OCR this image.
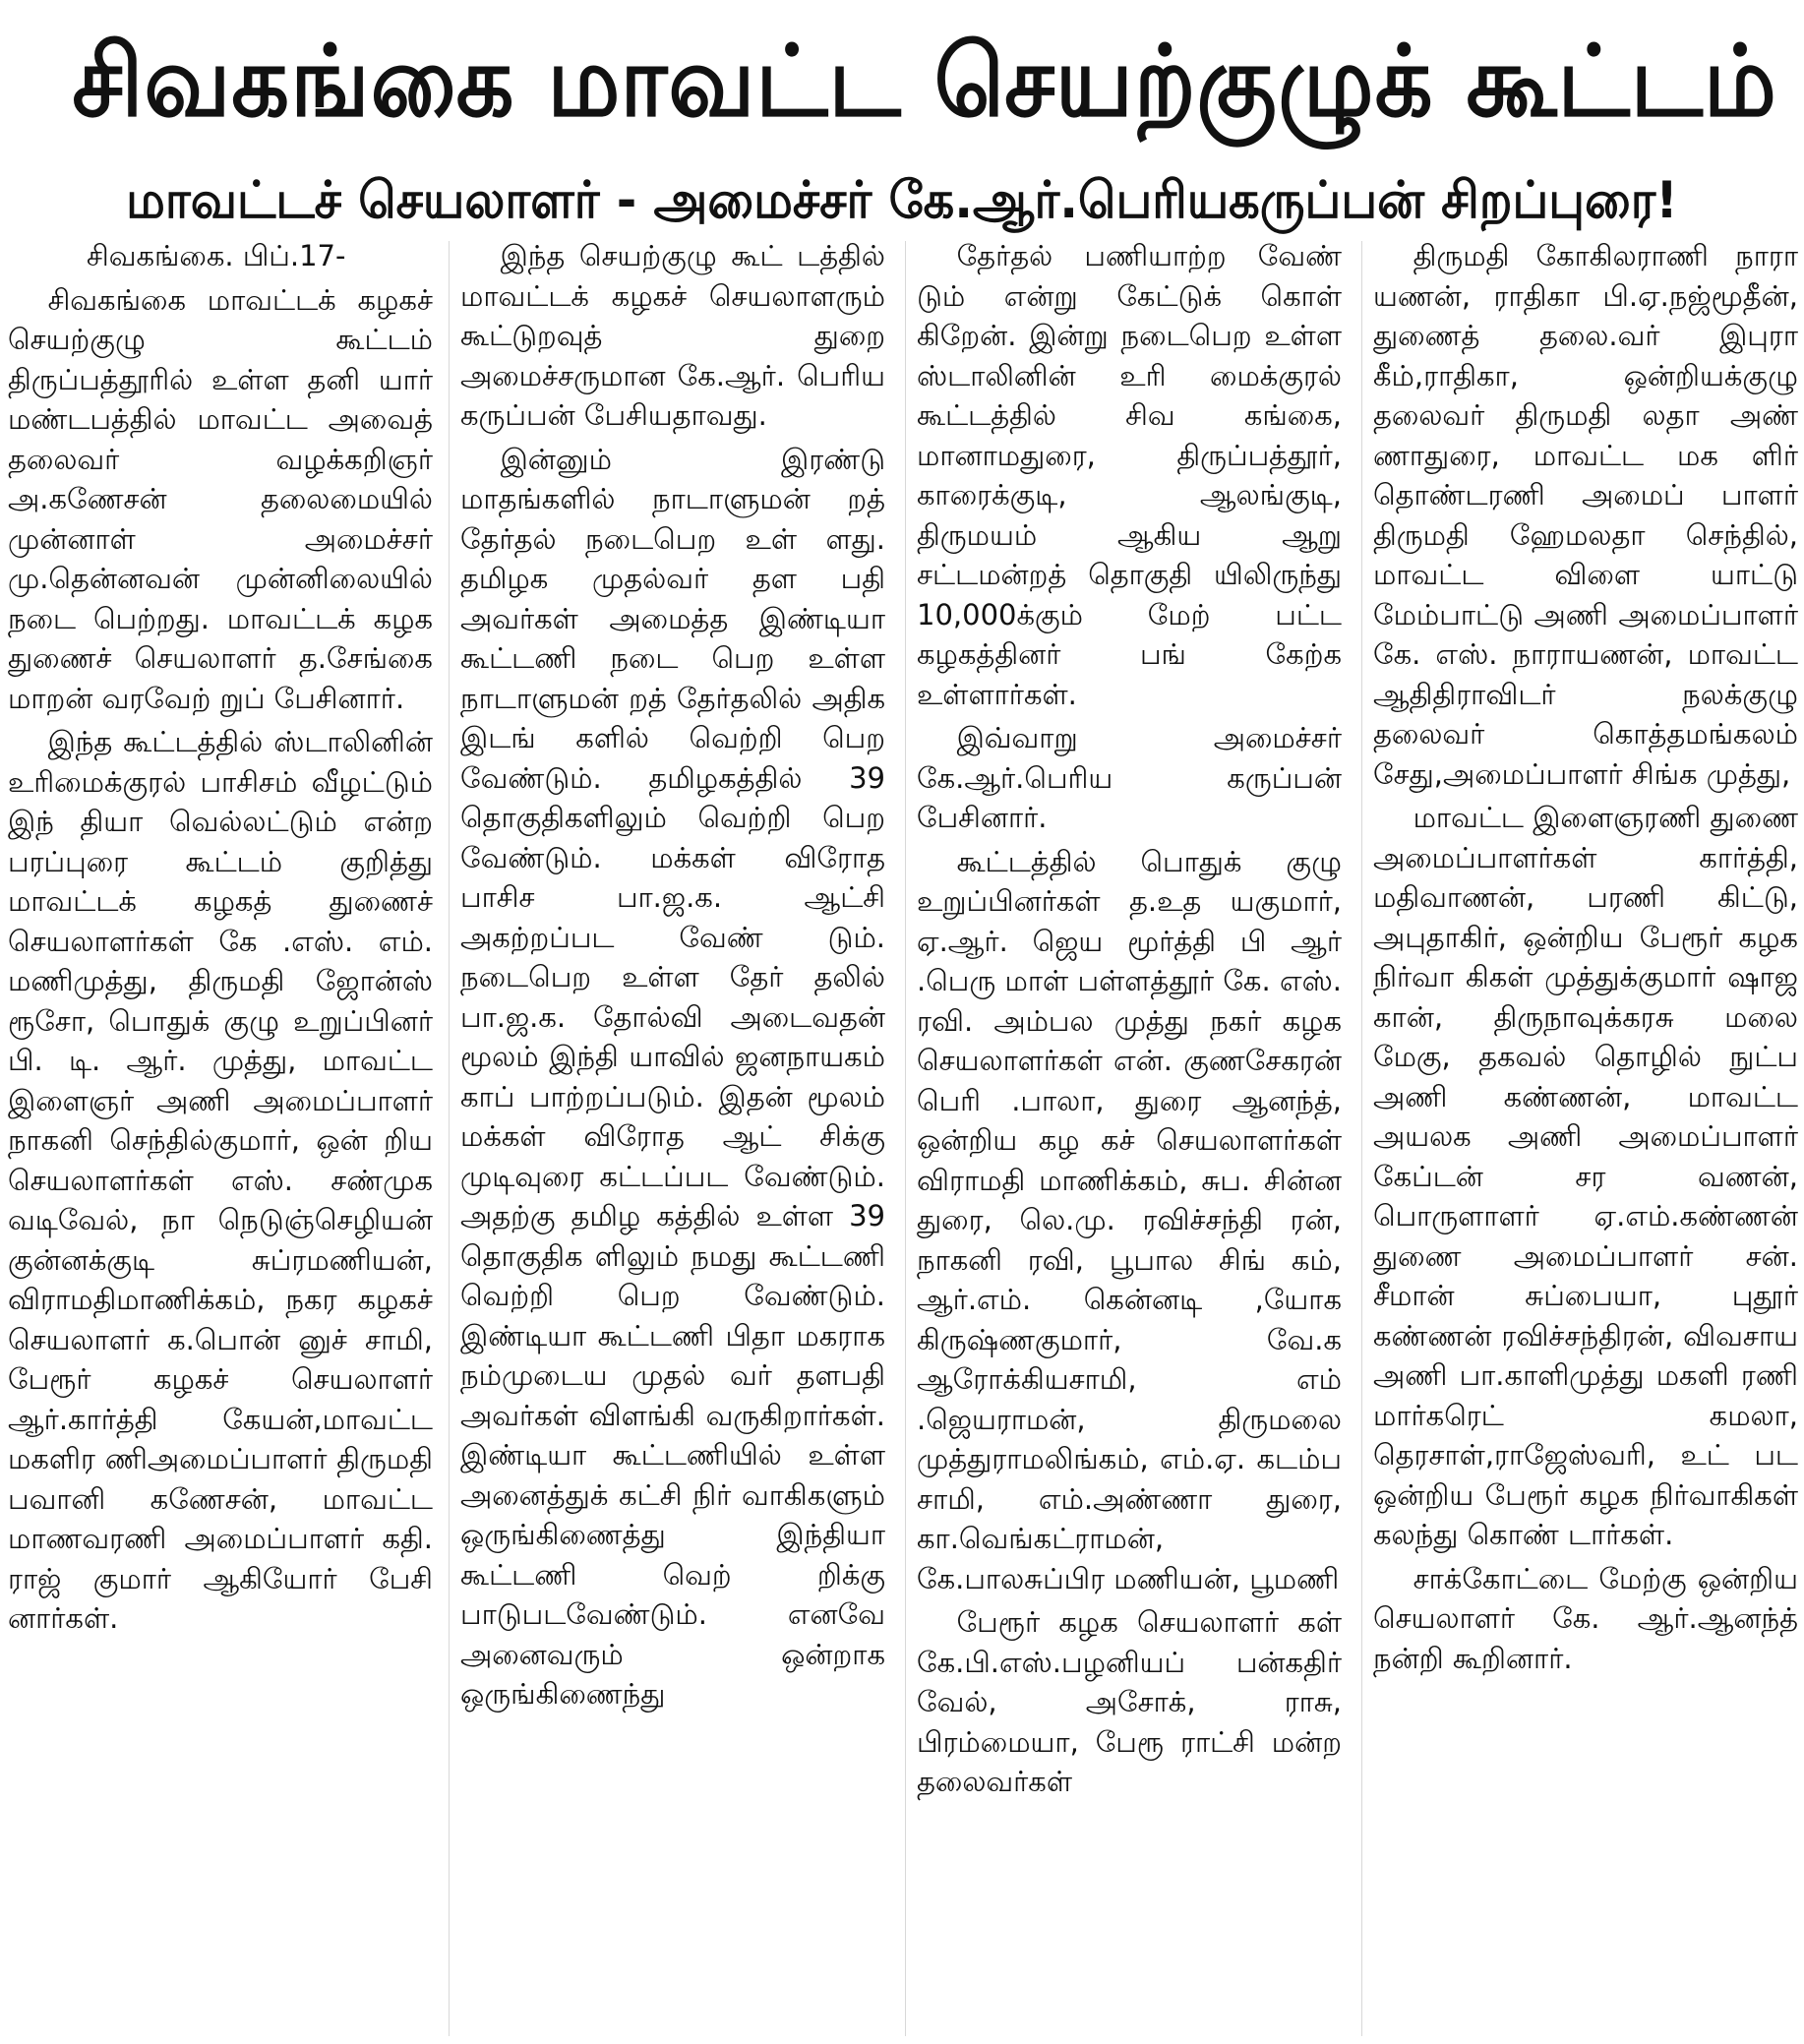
சிவகங்கை மாவட்ட செயற்குழுக் கூட்டம்
மாவட்டச் செயலாளர் - அமைச்சர் கே.ஆர்.பெரியகருப்பன் சிறப்புரை!

சிவகங்கை. பிப்.17-

சிவகங்கை மாவட்டக் கழகச் செயற்குழு கூட்டம் திருப்பத்தூரில் உள்ள தனி யார் மண்டபத்தில் மாவட்ட அவைத் தலைவர் வழக்கறிஞர் அ.கணேசன் தலைமையில் முன்னாள் அமைச்சர் மு.தென்னவன் முன்னிலையில் நடை பெற்றது. மாவட்டக் கழக துணைச் செயலாளர் த.சேங்கை மாறன் வரவேற் றுப் பேசினார்.

இந்த கூட்டத்தில் ஸ்டாலினின் உரிமைக்குரல் பாசிசம் வீழட்டும் இந் தியா வெல்லட்டும் என்ற பரப்புரை கூட்டம் குறித்து மாவட்டக் கழகத் துணைச் செயலாளர்கள் கே .எஸ். எம். மணிமுத்து, திருமதி ஜோன்ஸ் ரூசோ, பொதுக் குழு உறுப்பினர் பி. டி. ஆர். முத்து, மாவட்ட இளைஞர் அணி அமைப்பாளர் நாகனி செந்தில்குமார், ஒன் றிய செயலாளர்கள் எஸ். சண்முக வடிவேல், நா நெடுஞ்செழியன் குன்னக்குடி சுப்ரமணியன், விராமதிமாணிக்கம், நகர கழகச் செயலாளர் க.பொன் னுச் சாமி, பேரூர் கழகச் செயலாளர் ஆர்.கார்த்தி கேயன்,மாவட்ட மகளிர ணிஅமைப்பாளர் திருமதி பவானி கணேசன், மாவட்ட மாணவரணி அமைப்பாளர் கதி. ராஜ் குமார் ஆகியோர் பேசி னார்கள்.

இந்த செயற்குழு கூட் டத்தில் மாவட்டக் கழகச் செயலாளரும் கூட்டுறவுத் துறை அமைச்சருமான கே.ஆர். பெரிய கருப்பன் பேசியதாவது.

இன்னும் இரண்டு மாதங்களில் நாடாளுமன் றத் தேர்தல் நடைபெற உள் ளது. தமிழக முதல்வர் தள பதி அவர்கள் அமைத்த இண்டியா கூட்டணி நடை பெற உள்ள நாடாளுமன் றத் தேர்தலில் அதிக இடங் களில் வெற்றி பெற வேண்டும். தமிழகத்தில் 39 தொகுதிகளிலும் வெற்றி பெற வேண்டும். மக்கள் விரோத பாசிச பா.ஜ.க. ஆட்சி அகற்றப்பட வேண் டும். நடைபெற உள்ள தேர் தலில் பா.ஜ.க. தோல்வி அடைவதன் மூலம் இந்தி யாவில் ஜனநாயகம் காப் பாற்றப்படும். இதன் மூலம் மக்கள் விரோத ஆட் சிக்கு முடிவுரை கட்டப்பட வேண்டும். அதற்கு தமிழ கத்தில் உள்ள 39 தொகுதிக ளிலும் நமது கூட்டணி வெற்றி பெற வேண்டும். இண்டியா கூட்டணி பிதா மகராக நம்முடைய முதல் வர் தளபதி அவர்கள் விளங்கி வருகிறார்கள். இண்டியா கூட்டணியில் உள்ள அனைத்துக் கட்சி நிர் வாகிகளும் ஒருங்கிணைத்து இந்தியா கூட்டணி வெற் றிக்கு பாடுபடவேண்டும். எனவே அனைவரும் ஒன்றாக ஒருங்கிணைந்து

தேர்தல் பணியாற்ற வேண் டும் என்று கேட்டுக் கொள் கிறேன். இன்று நடைபெற உள்ள ஸ்டாலினின் உரி மைக்குரல் கூட்டத்தில் சிவ கங்கை, மானாமதுரை, திருப்பத்தூர், காரைக்குடி, ஆலங்குடி, திருமயம் ஆகிய ஆறு சட்டமன்றத் தொகுதி யிலிருந்து 10,000க்கும் மேற் பட்ட கழகத்தினர் பங் கேற்க உள்ளார்கள்.

இவ்வாறு அமைச்சர் கே.ஆர்.பெரிய கருப்பன் பேசினார்.

கூட்டத்தில் பொதுக் குழு உறுப்பினர்கள் த.உத யகுமார், ஏ.ஆர். ஜெய மூர்த்தி பி ஆர் .பெரு மாள் பள்ளத்தூர் கே. எஸ். ரவி. அம்பல முத்து நகர் கழக செயலாளர்கள் என். குணசேகரன் பெரி .பாலா, துரை ஆனந்த், ஒன்றிய கழ கச் செயலாளர்கள் விராமதி மாணிக்கம், சுப. சின்ன துரை, லெ.மு. ரவிச்சந்தி ரன், நாகனி ரவி, பூபால சிங் கம், ஆர்.எம். கென்னடி ,யோக கிருஷ்ணகுமார், வே.க ஆரோக்கியசாமி, எம் .ஜெயராமன், திருமலை முத்துராமலிங்கம், எம்.ஏ. கடம்ப சாமி, எம்.அண்ணா துரை, கா.வெங்கட்ராமன், கே.பாலசுப்பிர மணியன், பூமணி

பேரூர் கழக செயலாளர் கள் கே.பி.எஸ்.பழனியப் பன்கதிர் வேல், அசோக், ராசு, பிரம்மையா, பேரூ ராட்சி மன்ற தலைவர்கள்

திருமதி கோகிலராணி நாரா யணன், ராதிகா பி.ஏ.நஜ்மூதீன், துணைத் தலை.வர் இபுரா கீம்,ராதிகா, ஒன்றியக்குழு தலைவர் திருமதி லதா அண் ணாதுரை, மாவட்ட மக ளிர் தொண்டரணி அமைப் பாளர் திருமதி ஹேமலதா செந்தில், மாவட்ட விளை யாட்டு மேம்பாட்டு அணி அமைப்பாளர் கே. எஸ். நாராயணன், மாவட்ட ஆதிதிராவிடர் நலக்குழு தலைவர் கொத்தமங்கலம் சேது,அமைப்பாளர் சிங்க முத்து,

மாவட்ட இளைஞரணி துணை அமைப்பாளர்கள் கார்த்தி, மதிவாணன், பரணி கிட்டு, அபுதாகிர், ஒன்றிய பேரூர் கழக நிர்வா கிகள் முத்துக்குமார் ஷாஜ கான், திருநாவுக்கரசு மலை மேகு, தகவல் தொழில் நுட்ப அணி கண்ணன், மாவட்ட அயலக அணி அமைப்பாளர் கேப்டன் சர வணன், பொருளாளர் ஏ.எம்.கண்ணன் துணை அமைப்பாளர் சன். சீமான் சுப்பையா, புதூர் கண்ணன் ரவிச்சந்திரன், விவசாய அணி பா.காளிமுத்து மகளி ரணி மார்கரெட் கமலா, தெரசாள்,ராஜேஸ்வரி, உட் பட ஒன்றிய பேரூர் கழக நிர்வாகிகள் கலந்து கொண் டார்கள்.

சாக்கோட்டை மேற்கு ஒன்றிய செயலாளர் கே. ஆர்.ஆனந்த் நன்றி கூறினார்.
